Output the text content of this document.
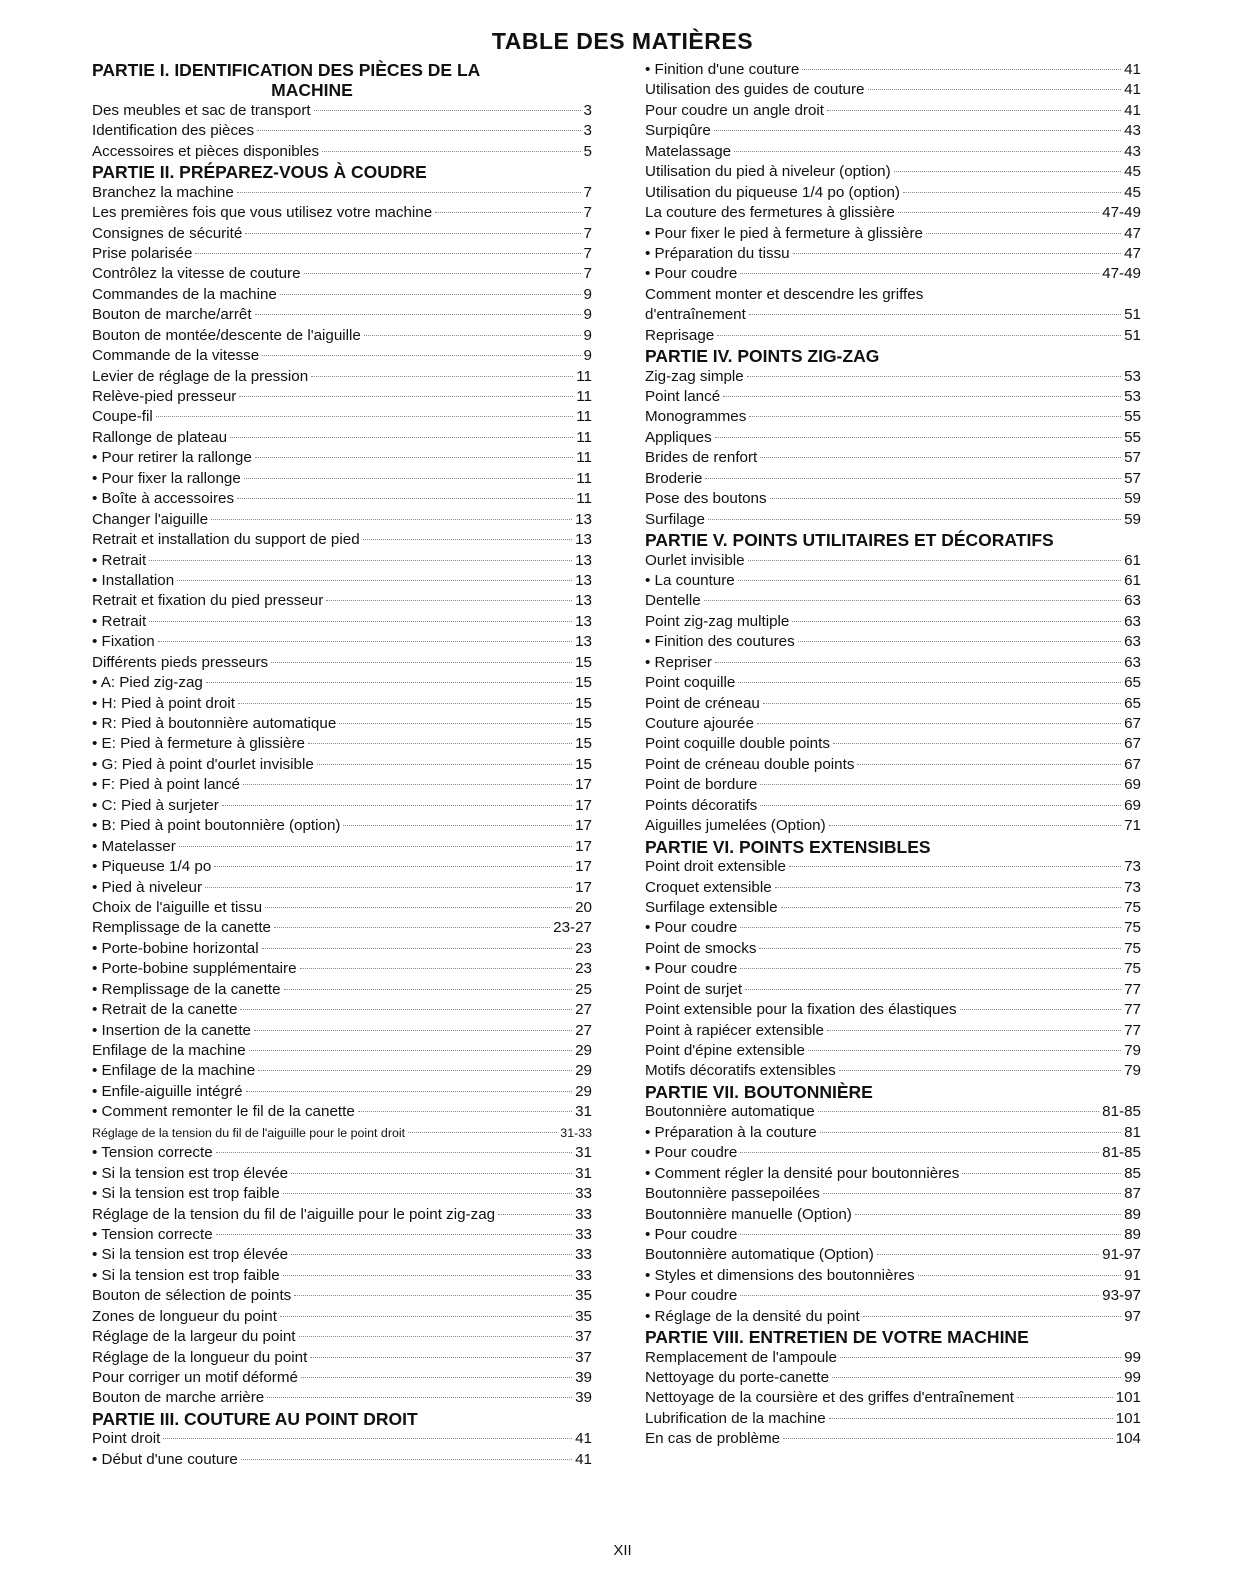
TABLE DES MATIÈRES
PARTIE I. IDENTIFICATION DES PIÈCES DE LA
MACHINE
Des meubles et sac de transport	3
Identification des pièces	3
Accessoires et pièces disponibles	5
PARTIE II. PRÉPAREZ-VOUS À COUDRE
Branchez la machine	7
Les premières fois que vous utilisez votre machine	7
Consignes de sécurité	7
Prise polarisée	7
Contrôlez la vitesse de couture	7
Commandes de la machine	9
Bouton de marche/arrêt	9
Bouton de montée/descente de l'aiguille	9
Commande de la vitesse	9
Levier de réglage de la pression	11
Relève-pied presseur	11
Coupe-fil	11
Rallonge de plateau	11
• Pour retirer la rallonge	11
• Pour fixer la rallonge	11
• Boîte à accessoires	11
Changer l'aiguille	13
Retrait et installation du support de pied	13
• Retrait	13
• Installation	13
Retrait et fixation du pied presseur	13
• Retrait	13
• Fixation	13
Différents pieds presseurs	15
• A: Pied zig-zag	15
• H: Pied à point droit	15
• R: Pied à boutonnière automatique	15
• E: Pied à fermeture à glissière	15
• G: Pied à point d'ourlet invisible	15
• F: Pied à point lancé	17
• C: Pied à surjeter	17
• B: Pied à point boutonnière (option)	17
• Matelasser	17
• Piqueuse 1/4 po	17
• Pied à niveleur	17
Choix de l'aiguille et tissu	20
Remplissage de la canette	23-27
• Porte-bobine horizontal	23
• Porte-bobine supplémentaire	23
• Remplissage de la canette	25
• Retrait de la canette	27
• Insertion de la canette	27
Enfilage de la machine	29
• Enfilage de la machine	29
• Enfile-aiguille intégré	29
• Comment remonter le fil de la canette	31
Réglage de la tension du fil de l'aiguille pour le point droit	31-33
• Tension correcte	31
• Si la tension est trop élevée	31
• Si la tension est trop faible	33
Réglage de la tension du fil de l'aiguille pour le point zig-zag	33
• Tension correcte	33
• Si la tension est trop élevée	33
• Si la tension est trop faible	33
Bouton de sélection de points	35
Zones de longueur du point	35
Réglage de la largeur du point	37
Réglage de la longueur du point	37
Pour corriger un motif déformé	39
Bouton de marche arrière	39
PARTIE III. COUTURE AU POINT DROIT
Point droit	41
• Début d'une couture	41
• Finition d'une couture	41
Utilisation des guides de couture	41
Pour coudre un angle droit	41
Surpiqûre	43
Matelassage	43
Utilisation du pied à niveleur (option)	45
Utilisation du piqueuse 1/4 po (option)	45
La couture des fermetures à glissière	47-49
• Pour fixer le pied à fermeture à glissière	47
• Préparation du tissu	47
• Pour coudre	47-49
Comment monter et descendre les griffes
d'entraînement	51
Reprisage	51
PARTIE IV. POINTS ZIG-ZAG
Zig-zag simple	53
Point lancé	53
Monogrammes	55
Appliques	55
Brides de renfort	57
Broderie	57
Pose des boutons	59
Surfilage	59
PARTIE V. POINTS UTILITAIRES ET DÉCORATIFS
Ourlet invisible	61
• La counture	61
Dentelle	63
Point zig-zag multiple	63
• Finition des coutures	63
• Repriser	63
Point coquille	65
Point de créneau	65
Couture ajourée	67
Point coquille double points	67
Point de créneau double points	67
Point de bordure	69
Points décoratifs	69
Aiguilles jumelées (Option)	71
PARTIE VI. POINTS EXTENSIBLES
Point droit extensible	73
Croquet extensible	73
Surfilage extensible	75
• Pour coudre	75
Point de smocks	75
• Pour coudre	75
Point de surjet	77
Point extensible pour la fixation des élastiques	77
Point à rapiécer extensible	77
Point d'épine extensible	79
Motifs décoratifs extensibles	79
PARTIE VII. BOUTONNIÈRE
Boutonnière automatique	81-85
• Préparation à la couture	81
• Pour coudre	81-85
• Comment régler la densité pour boutonnières	85
Boutonnière passepoilées	87
Boutonnière manuelle (Option)	89
• Pour coudre	89
Boutonnière automatique (Option)	91-97
• Styles et dimensions des boutonnières	91
• Pour coudre	93-97
• Réglage de la densité du point	97
PARTIE VIII. ENTRETIEN DE VOTRE MACHINE
Remplacement de l'ampoule	99
Nettoyage du porte-canette	99
Nettoyage de la coursière et des griffes d'entraînement	101
Lubrification de la machine	101
En cas de problème	104
XII
